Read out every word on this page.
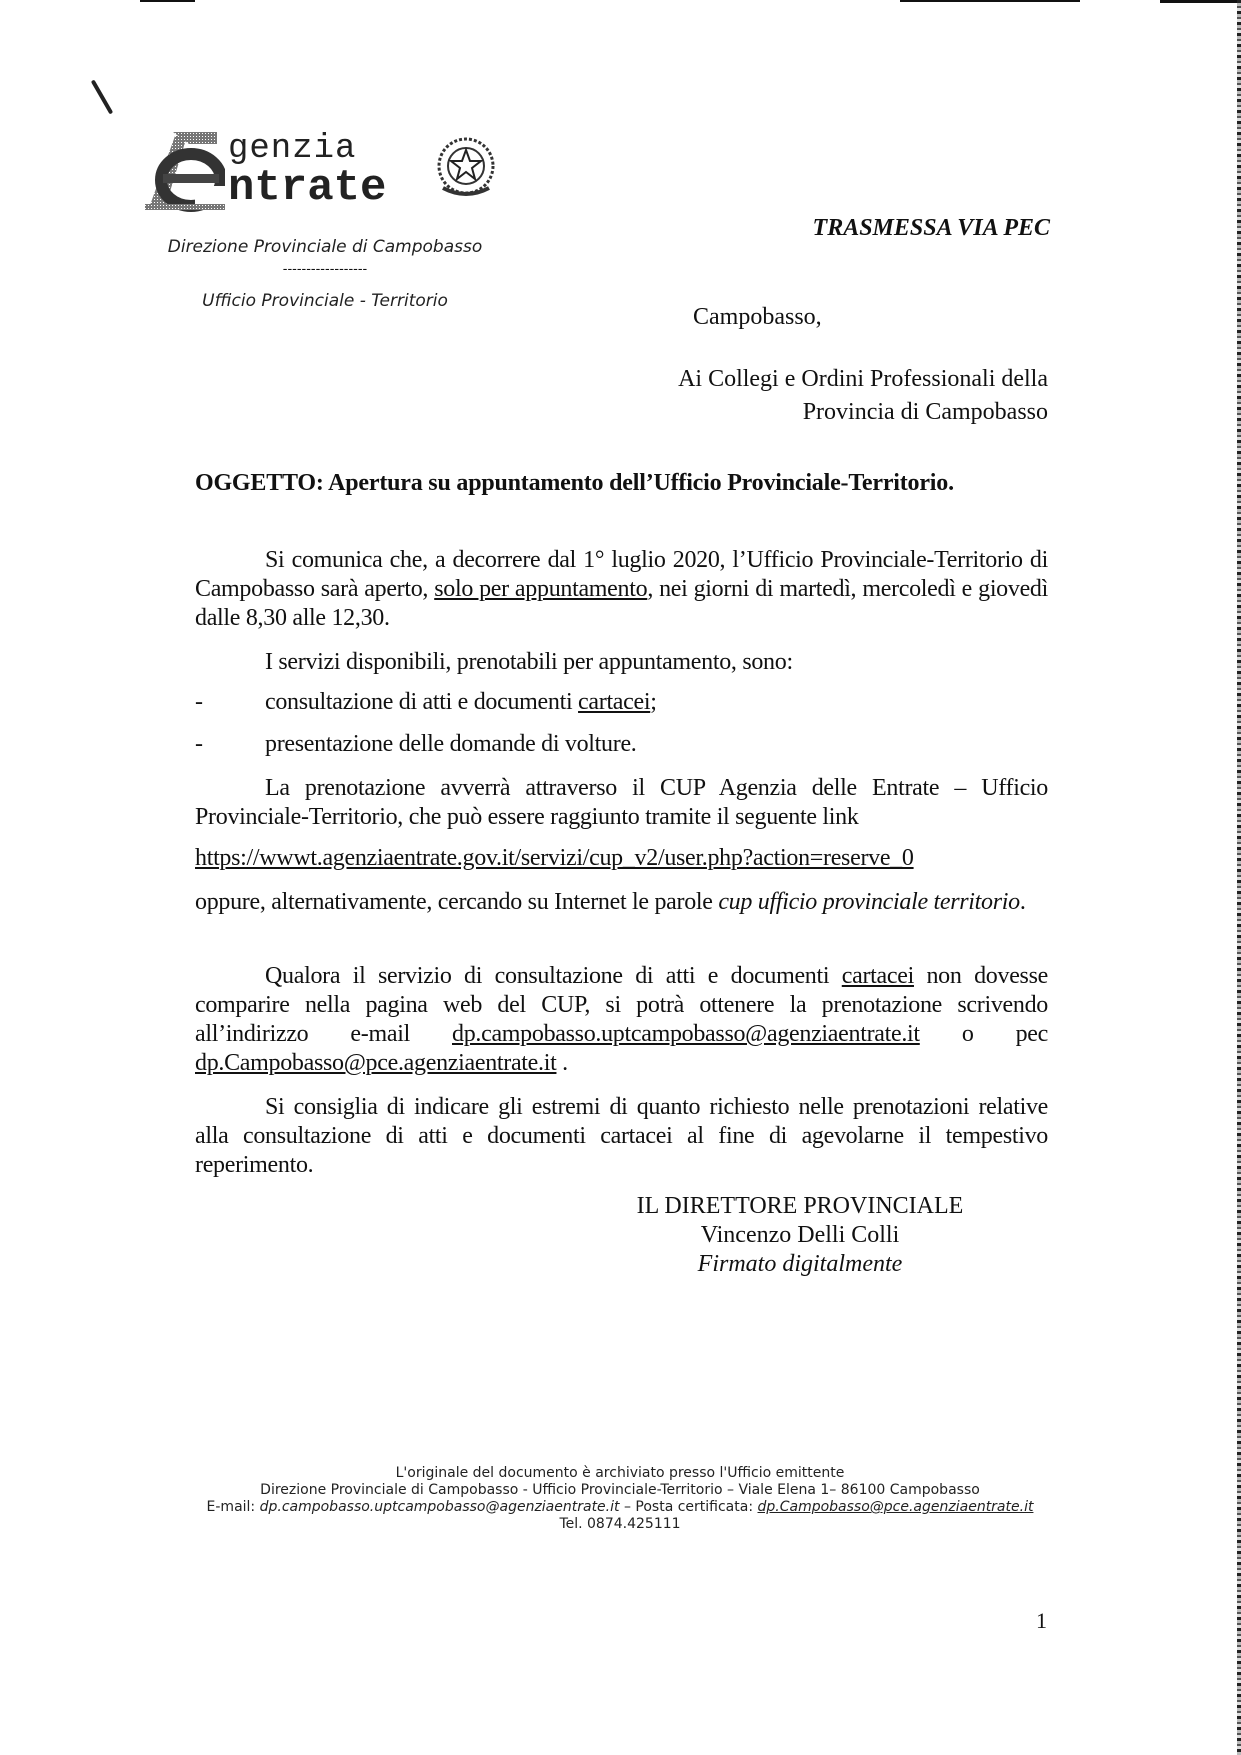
genzia
ntrate
Direzione Provinciale di Campobasso
------------------
Ufficio Provinciale - Territorio
TRASMESSA VIA PEC
Campobasso,
Ai Collegi e Ordini Professionali della
Provincia di Campobasso
OGGETTO: Apertura su appuntamento dell’Ufficio Provinciale-Territorio.
Si comunica che, a decorrere dal 1° luglio 2020, l’Ufficio Provinciale-Territorio di Campobasso sarà aperto, solo per appuntamento, nei giorni di martedì, mercoledì e giovedì dalle 8,30 alle 12,30.
I servizi disponibili, prenotabili per appuntamento, sono:
-	consultazione di atti e documenti cartacei;
-	presentazione delle domande di volture.
La prenotazione avverrà attraverso il CUP Agenzia delle Entrate – Ufficio Provinciale-Territorio, che può essere raggiunto tramite il seguente link
https://wwwt.agenziaentrate.gov.it/servizi/cup_v2/user.php?action=reserve_0
oppure, alternativamente, cercando su Internet le parole cup ufficio provinciale territorio.
Qualora il servizio di consultazione di atti e documenti cartacei non dovesse comparire nella pagina web del CUP, si potrà ottenere la prenotazione scrivendo all’indirizzo e-mail dp.campobasso.uptcampobasso@agenziaentrate.it o pec dp.Campobasso@pce.agenziaentrate.it .
Si consiglia di indicare gli estremi di quanto richiesto nelle prenotazioni relative alla consultazione di atti e documenti cartacei al fine di agevolarne il tempestivo reperimento.
IL DIRETTORE PROVINCIALE
Vincenzo Delli Colli
Firmato digitalmente
L'originale del documento è archiviato presso l'Ufficio emittente
Direzione Provinciale di Campobasso - Ufficio Provinciale-Territorio – Viale Elena 1– 86100 Campobasso
E-mail: dp.campobasso.uptcampobasso@agenziaentrate.it – Posta certificata: dp.Campobasso@pce.agenziaentrate.it
Tel. 0874.425111
1
